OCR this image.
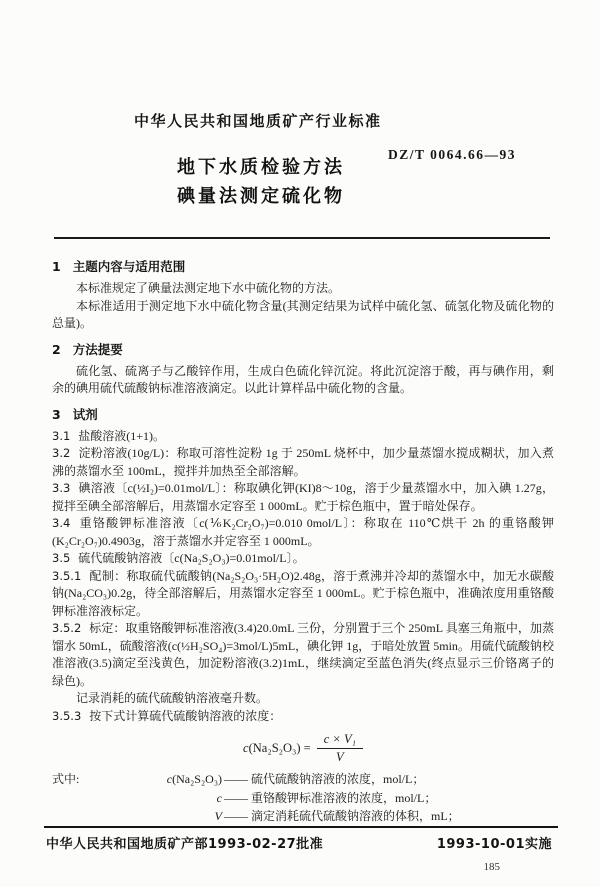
中华人民共和国地质矿产行业标准
DZ/T 0064.66—93
地下水质检验方法
碘量法测定硫化物
1 主题内容与适用范围

本标准规定了碘量法测定地下水中硫化物的方法。

本标准适用于测定地下水中硫化物含量(其测定结果为试样中硫化氢、硫氢化物及硫化物的总量)。

2 方法提要

硫化氢、硫离子与乙酸锌作用，生成白色硫化锌沉淀。将此沉淀溶于酸，再与碘作用，剩余的碘用硫代硫酸钠标准溶液滴定。以此计算样品中硫化物的含量。

3 试剂

3.1 盐酸溶液(1+1)。

3.2 淀粉溶液(10g/L)：称取可溶性淀粉 1g 于 250mL 烧杯中，加少量蒸馏水搅成糊状，加入煮沸的蒸馏水至 100mL，搅拌并加热至全部溶解。

3.3 碘溶液〔c(½I₂)=0.01mol/L〕：称取碘化钾(KI)8～10g，溶于少量蒸馏水中，加入碘 1.27g，搅拌至碘全部溶解后，用蒸馏水定容至 1 000mL。贮于棕色瓶中，置于暗处保存。

3.4 重铬酸钾标准溶液〔c(⅙K₂Cr₂O₇)=0.010 0mol/L〕：称取在 110℃烘干 2h 的重铬酸钾(K₂Cr₂O₇)0.4903g，溶于蒸馏水并定容至 1 000mL。

3.5 硫代硫酸钠溶液〔c(Na₂S₂O₃)=0.01mol/L〕。

3.5.1 配制：称取硫代硫酸钠(Na₂S₂O₃·5H₂O)2.48g，溶于煮沸并冷却的蒸馏水中，加无水碳酸钠(Na₂CO₃)0.2g，待全部溶解后，用蒸馏水定容至 1 000mL。贮于棕色瓶中，准确浓度用重铬酸钾标准溶液标定。

3.5.2 标定：取重铬酸钾标准溶液(3.4)20.0mL 三份，分别置于三个 250mL 具塞三角瓶中，加蒸馏水 50mL，硫酸溶液(c(½H₂SO₄)=3mol/L)5mL，碘化钾 1g，于暗处放置 5min。用硫代硫酸钠校准溶液(3.5)滴定至浅黄色，加淀粉溶液(3.2)1mL，继续滴定至蓝色消失(终点显示三价铬离子的绿色)。

记录消耗的硫代硫酸钠溶液毫升数。

3.5.3 按下式计算硫代硫酸钠溶液的浓度：

c $(Na_2S_2O_3) = \frac{\text{c × V₁}}{V}$
式中:	c(Na₂S₂O₃) —— 硫代硫酸钠溶液的浓度，mol/L；
c —— 重铬酸钾标准溶液的浓度，mol/L；
V —— 滴定消耗硫代硫酸钠溶液的体积，mL；
中华人民共和国地质矿产部1993-02-27批准	1993-10-01实施
185
